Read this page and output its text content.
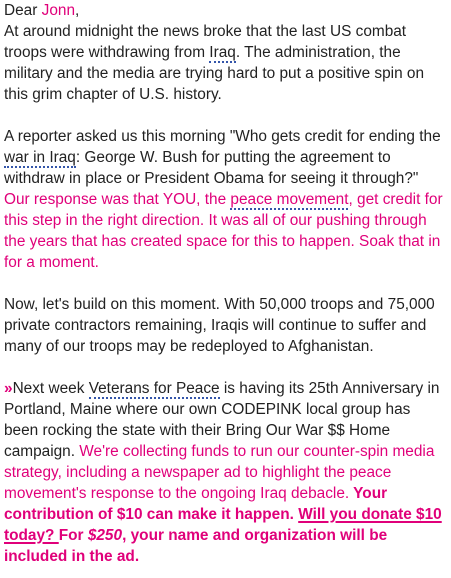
Dear Jonn,
At around midnight the news broke that the last US combat troops were withdrawing from Iraq. The administration, the military and the media are trying hard to put a positive spin on this grim chapter of U.S. history.

A reporter asked us this morning "Who gets credit for ending the war in Iraq: George W. Bush for putting the agreement to withdraw in place or President Obama for seeing it through?" Our response was that YOU, the peace movement, get credit for this step in the right direction. It was all of our pushing through the years that has created space for this to happen. Soak that in for a moment.

Now, let's build on this moment. With 50,000 troops and 75,000 private contractors remaining, Iraqis will continue to suffer and many of our troops may be redeployed to Afghanistan.

» Next week Veterans for Peace is having its 25th Anniversary in Portland, Maine where our own CODEPINK local group has been rocking the state with their Bring Our War $$ Home campaign. We're collecting funds to run our counter-spin media strategy, including a newspaper ad to highlight the peace movement's response to the ongoing Iraq debacle. Your contribution of $10 can make it happen. Will you donate $10 today? For $250, your name and organization will be included in the ad.
